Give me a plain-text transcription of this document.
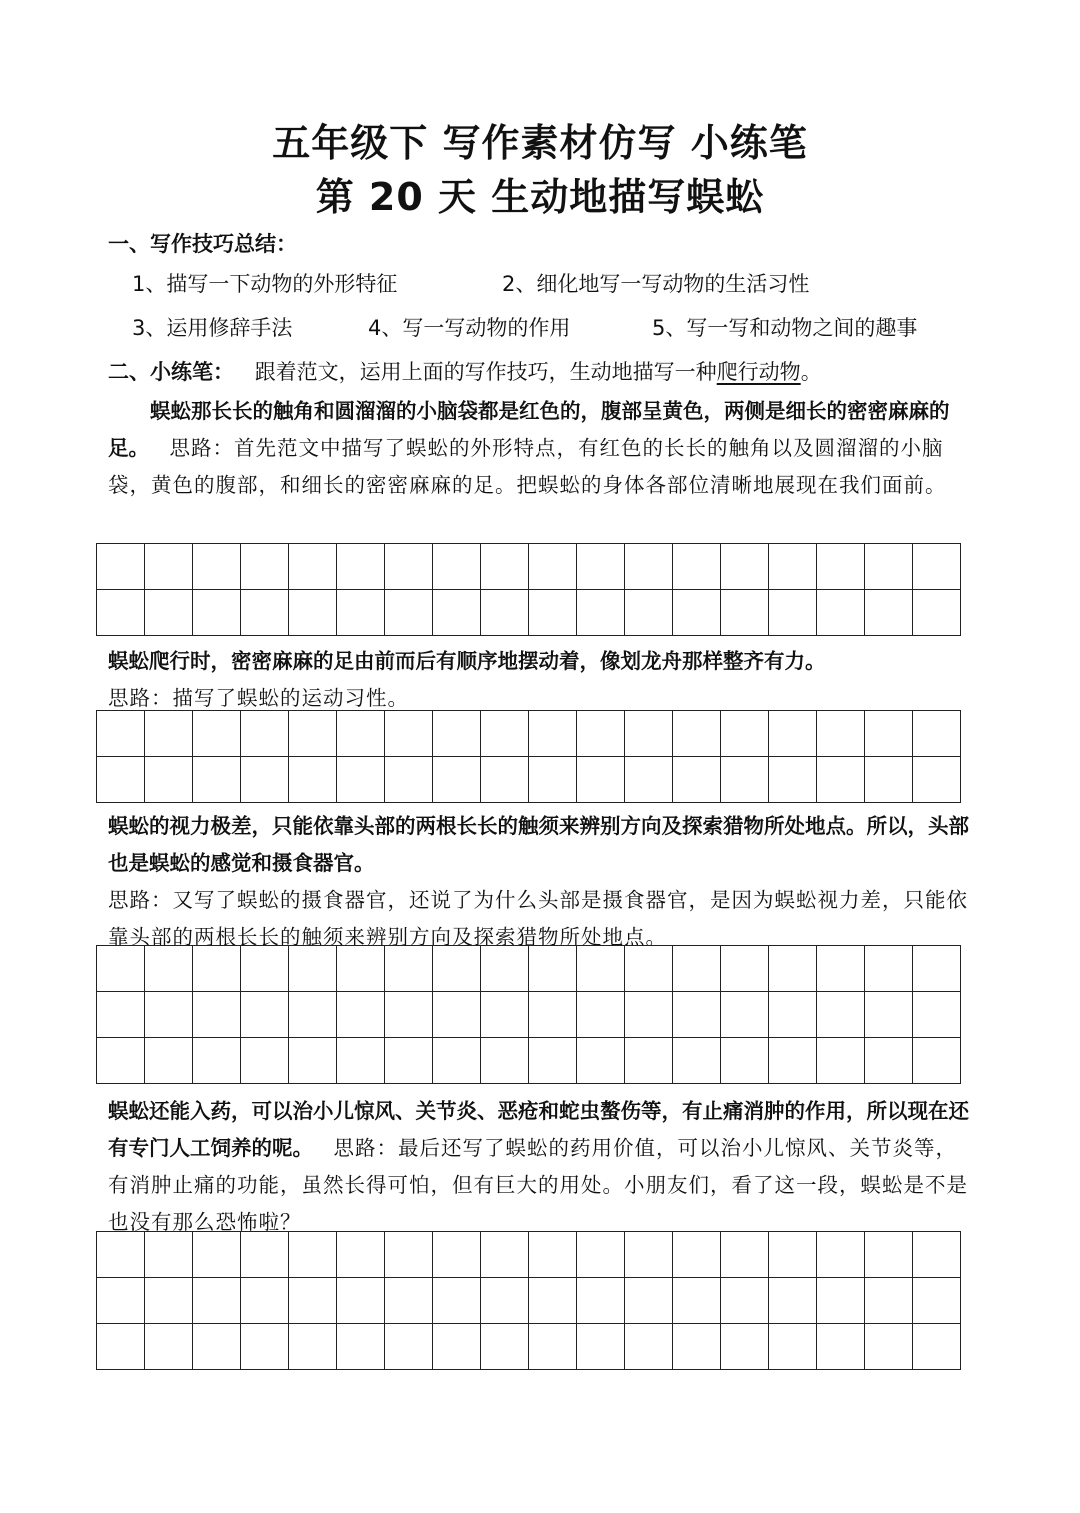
五年级下 写作素材仿写 小练笔
第 20 天 生动地描写蜈蚣
一、写作技巧总结：
1、描写一下动物的外形特征	2、细化地写一写动物的生活习性
3、运用修辞手法	4、写一写动物的作用	5、写一写和动物之间的趣事
二、小练笔： 跟着范文，运用上面的写作技巧，生动地描写一种爬行动物。
蜈蚣那长长的触角和圆溜溜的小脑袋都是红色的，腹部呈黄色，两侧是细长的密密麻麻的足。 思路：首先范文中描写了蜈蚣的外形特点，有红色的长长的触角以及圆溜溜的小脑袋，黄色的腹部，和细长的密密麻麻的足。把蜈蚣的身体各部位清晰地展现在我们面前。

蜈蚣爬行时，密密麻麻的足由前而后有顺序地摆动着，像划龙舟那样整齐有力。
思路：描写了蜈蚣的运动习性。

蜈蚣的视力极差，只能依靠头部的两根长长的触须来辨别方向及探索猎物所处地点。所以，头部也是蜈蚣的感觉和摄食器官。
思路：又写了蜈蚣的摄食器官，还说了为什么头部是摄食器官，是因为蜈蚣视力差，只能依靠头部的两根长长的触须来辨别方向及探索猎物所处地点。

蜈蚣还能入药，可以治小儿惊风、关节炎、恶疮和蛇虫螯伤等，有止痛消肿的作用，所以现在还有专门人工饲养的呢。 思路：最后还写了蜈蚣的药用价值，可以治小儿惊风、关节炎等，有消肿止痛的功能，虽然长得可怕，但有巨大的用处。小朋友们，看了这一段，蜈蚣是不是也没有那么恐怖啦？
